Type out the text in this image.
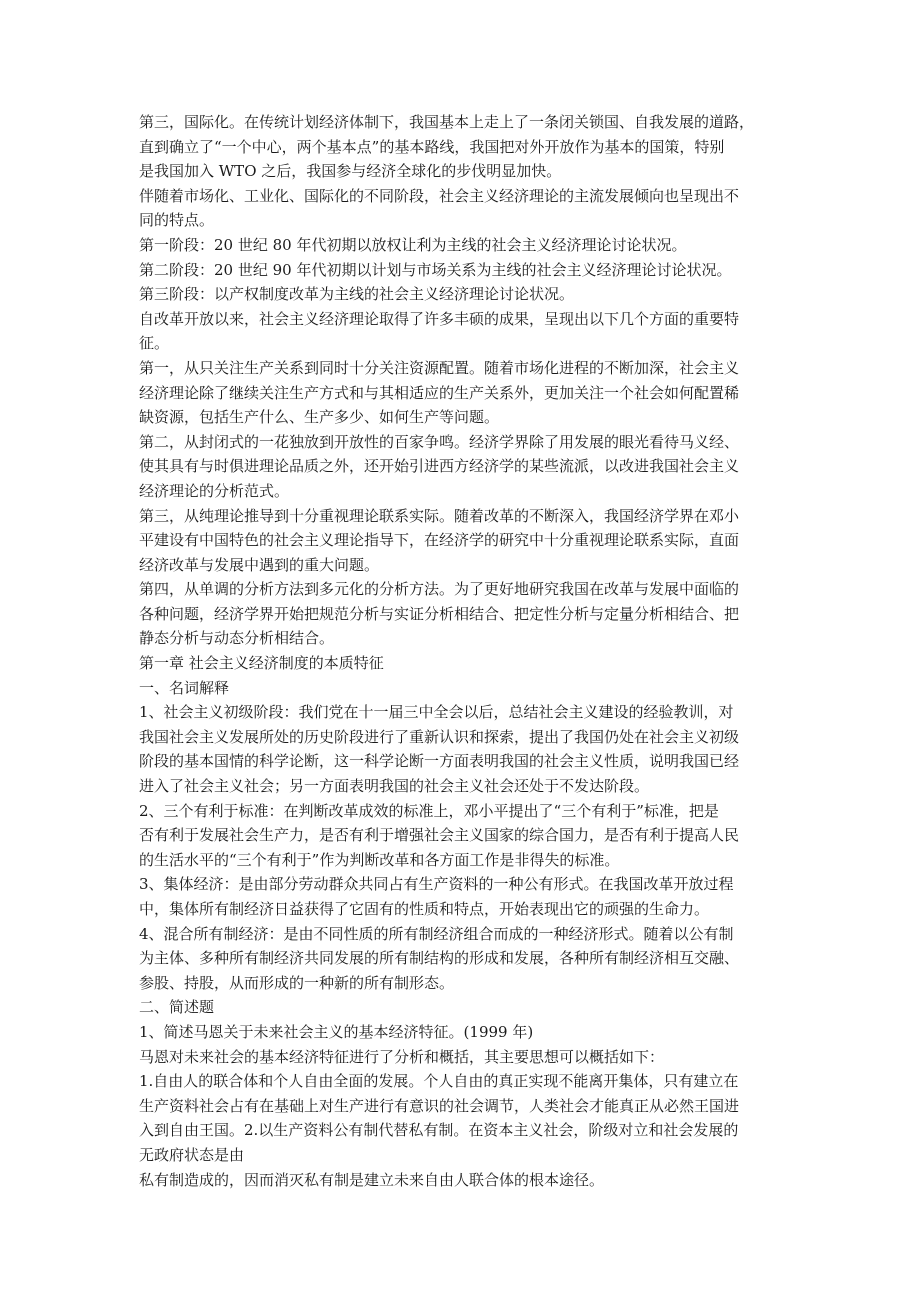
第三，国际化。在传统计划经济体制下，我国基本上走上了一条闭关锁国、自我发展的道路，
直到确立了“一个中心，两个基本点”的基本路线，我国把对外开放作为基本的国策，特别
是我国加入 WTO 之后，我国参与经济全球化的步伐明显加快。
伴随着市场化、工业化、国际化的不同阶段，社会主义经济理论的主流发展倾向也呈现出不
同的特点。
第一阶段：20 世纪 80 年代初期以放权让利为主线的社会主义经济理论讨论状况。
第二阶段：20 世纪 90 年代初期以计划与市场关系为主线的社会主义经济理论讨论状况。
第三阶段：以产权制度改革为主线的社会主义经济理论讨论状况。
自改革开放以来，社会主义经济理论取得了许多丰硕的成果，呈现出以下几个方面的重要特
征。
第一，从只关注生产关系到同时十分关注资源配置。随着市场化进程的不断加深，社会主义
经济理论除了继续关注生产方式和与其相适应的生产关系外，更加关注一个社会如何配置稀
缺资源，包括生产什么、生产多少、如何生产等问题。
第二，从封闭式的一花独放到开放性的百家争鸣。经济学界除了用发展的眼光看待马义经、
使其具有与时俱进理论品质之外，还开始引进西方经济学的某些流派，以改进我国社会主义
经济理论的分析范式。
第三，从纯理论推导到十分重视理论联系实际。随着改革的不断深入，我国经济学界在邓小
平建设有中国特色的社会主义理论指导下，在经济学的研究中十分重视理论联系实际，直面
经济改革与发展中遇到的重大问题。
第四，从单调的分析方法到多元化的分析方法。为了更好地研究我国在改革与发展中面临的
各种问题，经济学界开始把规范分析与实证分析相结合、把定性分析与定量分析相结合、把
静态分析与动态分析相结合。
第一章 社会主义经济制度的本质特征
一、名词解释
1、社会主义初级阶段：我们党在十一届三中全会以后，总结社会主义建设的经验教训，对
我国社会主义发展所处的历史阶段进行了重新认识和探索，提出了我国仍处在社会主义初级
阶段的基本国情的科学论断，这一科学论断一方面表明我国的社会主义性质，说明我国已经
进入了社会主义社会；另一方面表明我国的社会主义社会还处于不发达阶段。
2、三个有利于标准：在判断改革成效的标准上，邓小平提出了“三个有利于”标准，把是
否有利于发展社会生产力，是否有利于增强社会主义国家的综合国力，是否有利于提高人民
的生活水平的“三个有利于”作为判断改革和各方面工作是非得失的标准。
3、集体经济：是由部分劳动群众共同占有生产资料的一种公有形式。在我国改革开放过程
中，集体所有制经济日益获得了它固有的性质和特点，开始表现出它的顽强的生命力。
4、混合所有制经济：是由不同性质的所有制经济组合而成的一种经济形式。随着以公有制
为主体、多种所有制经济共同发展的所有制结构的形成和发展，各种所有制经济相互交融、
参股、持股，从而形成的一种新的所有制形态。
二、简述题
1、简述马恩关于未来社会主义的基本经济特征。(1999 年)
马恩对未来社会的基本经济特征进行了分析和概括，其主要思想可以概括如下：
1.自由人的联合体和个人自由全面的发展。个人自由的真正实现不能离开集体，只有建立在
生产资料社会占有在基础上对生产进行有意识的社会调节，人类社会才能真正从必然王国进
入到自由王国。2.以生产资料公有制代替私有制。在资本主义社会，阶级对立和社会发展的
无政府状态是由
私有制造成的，因而消灭私有制是建立未来自由人联合体的根本途径。
